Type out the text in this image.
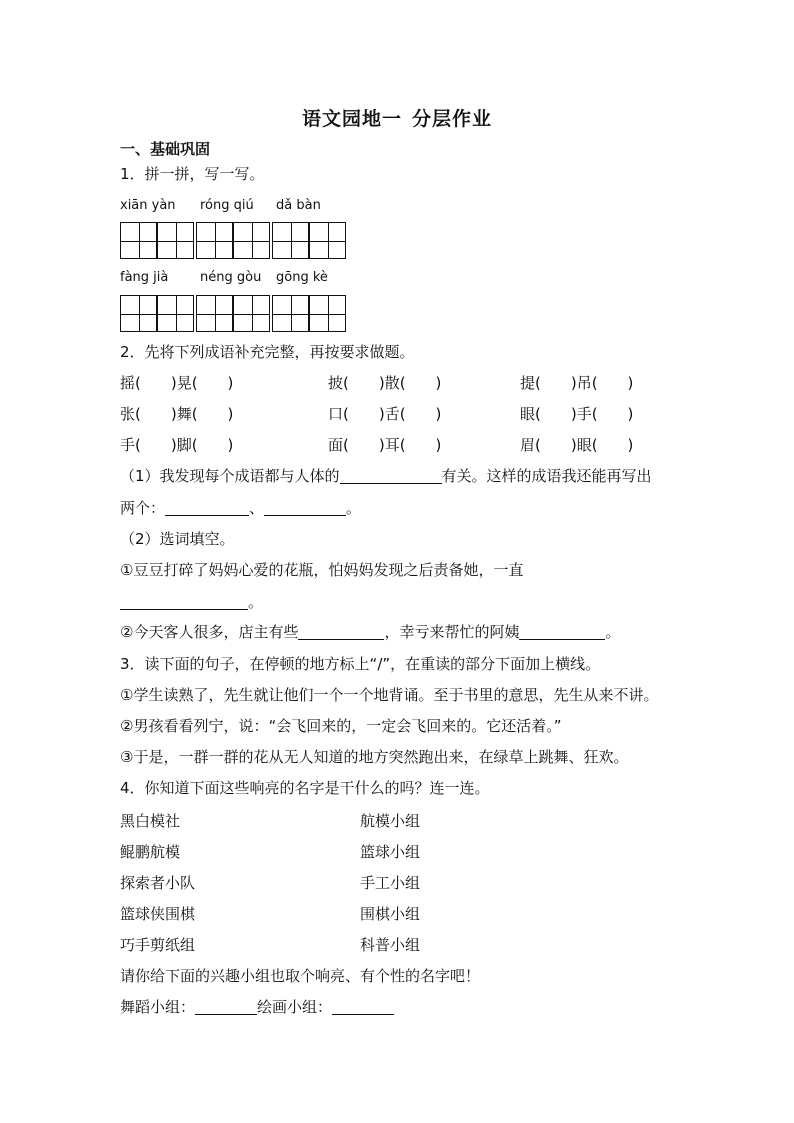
语文园地一 分层作业
一、基础巩固
1．拼一拼，写一写。
xiān yàn róng qiú dǎ bàn
fàng jià néng gòu gōng kè
2．先将下列成语补充完整，再按要求做题。
摇(　　)晃(　　)	披(　　)散(　　)	提(　　)吊(　　)
张(　　)舞(　　)	口(　　)舌(　　)	眼(　　)手(　　)
手(　　)脚(　　)	面(　　)耳(　　)	眉(　　)眼(　　)
（1）我发现每个成语都与人体的	有关。这样的成语我还能再写出
两个：	、	。
（2）选词填空。
①豆豆打碎了妈妈心爱的花瓶，怕妈妈发现之后责备她，一直
。
②今天客人很多，店主有些	，幸亏来帮忙的阿姨	。
3．读下面的句子，在停顿的地方标上“/”，在重读的部分下面加上横线。
①学生读熟了，先生就让他们一个一个地背诵。至于书里的意思，先生从来不讲。
②男孩看看列宁，说：“会飞回来的，一定会飞回来的。它还活着。”
③于是，一群一群的花从无人知道的地方突然跑出来，在绿草上跳舞、狂欢。
4．你知道下面这些响亮的名字是干什么的吗？连一连。
黑白模社	航模小组
鲲鹏航模	篮球小组
探索者小队	手工小组
篮球侠围棋	围棋小组
巧手剪纸组	科普小组
请你给下面的兴趣小组也取个响亮、有个性的名字吧！
舞蹈小组：	绘画小组：
